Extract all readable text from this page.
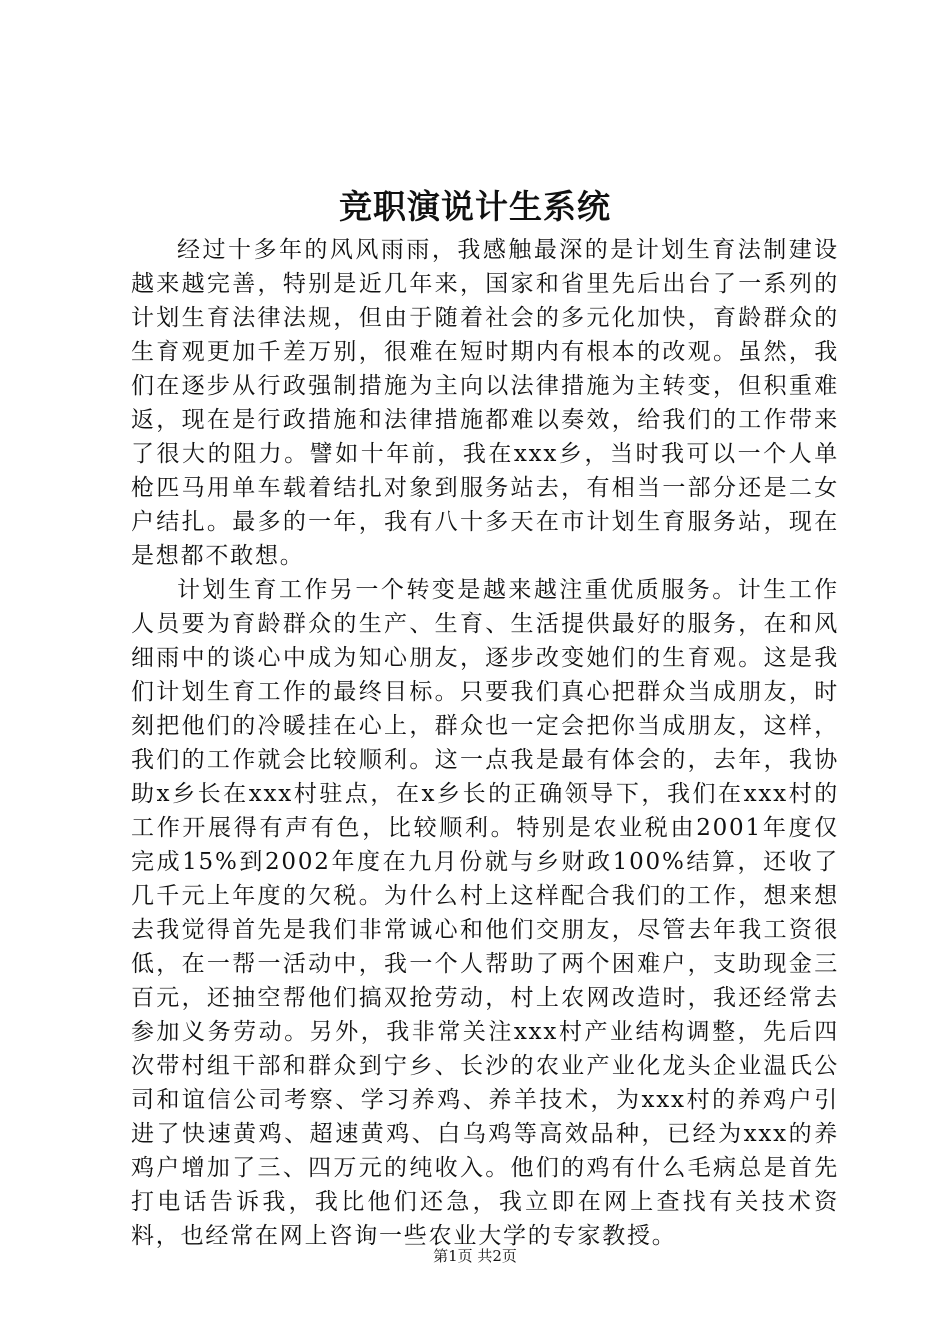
竞职演说计生系统

经过十多年的风风雨雨，我感触最深的是计划生育法制建设越来越完善，特别是近几年来，国家和省里先后出台了一系列的计划生育法律法规，但由于随着社会的多元化加快，育龄群众的生育观更加千差万别，很难在短时期内有根本的改观。虽然，我们在逐步从行政强制措施为主向以法律措施为主转变，但积重难返，现在是行政措施和法律措施都难以奏效，给我们的工作带来了很大的阻力。譬如十年前，我在xxx乡，当时我可以一个人单枪匹马用单车载着结扎对象到服务站去，有相当一部分还是二女户结扎。最多的一年，我有八十多天在市计划生育服务站，现在是想都不敢想。

计划生育工作另一个转变是越来越注重优质服务。计生工作人员要为育龄群众的生产、生育、生活提供最好的服务，在和风细雨中的谈心中成为知心朋友，逐步改变她们的生育观。这是我们计划生育工作的最终目标。只要我们真心把群众当成朋友，时刻把他们的冷暖挂在心上，群众也一定会把你当成朋友，这样，我们的工作就会比较顺利。这一点我是最有体会的，去年，我协助x乡长在xxx村驻点，在x乡长的正确领导下，我们在xxx村的工作开展得有声有色，比较顺利。特别是农业税由2001年度仅完成15%到2002年度在九月份就与乡财政100%结算，还收了几千元上年度的欠税。为什么村上这样配合我们的工作，想来想去我觉得首先是我们非常诚心和他们交朋友，尽管去年我工资很低，在一帮一活动中，我一个人帮助了两个困难户，支助现金三百元，还抽空帮他们搞双抢劳动，村上农网改造时，我还经常去参加义务劳动。另外，我非常关注xxx村产业结构调整，先后四次带村组干部和群众到宁乡、长沙的农业产业化龙头企业温氏公司和谊信公司考察、学习养鸡、养羊技术，为xxx村的养鸡户引进了快速黄鸡、超速黄鸡、白乌鸡等高效品种，已经为xxx的养鸡户增加了三、四万元的纯收入。他们的鸡有什么毛病总是首先打电话告诉我，我比他们还急，我立即在网上查找有关技术资料，也经常在网上咨询一些农业大学的专家教授。

第1页 共2页
